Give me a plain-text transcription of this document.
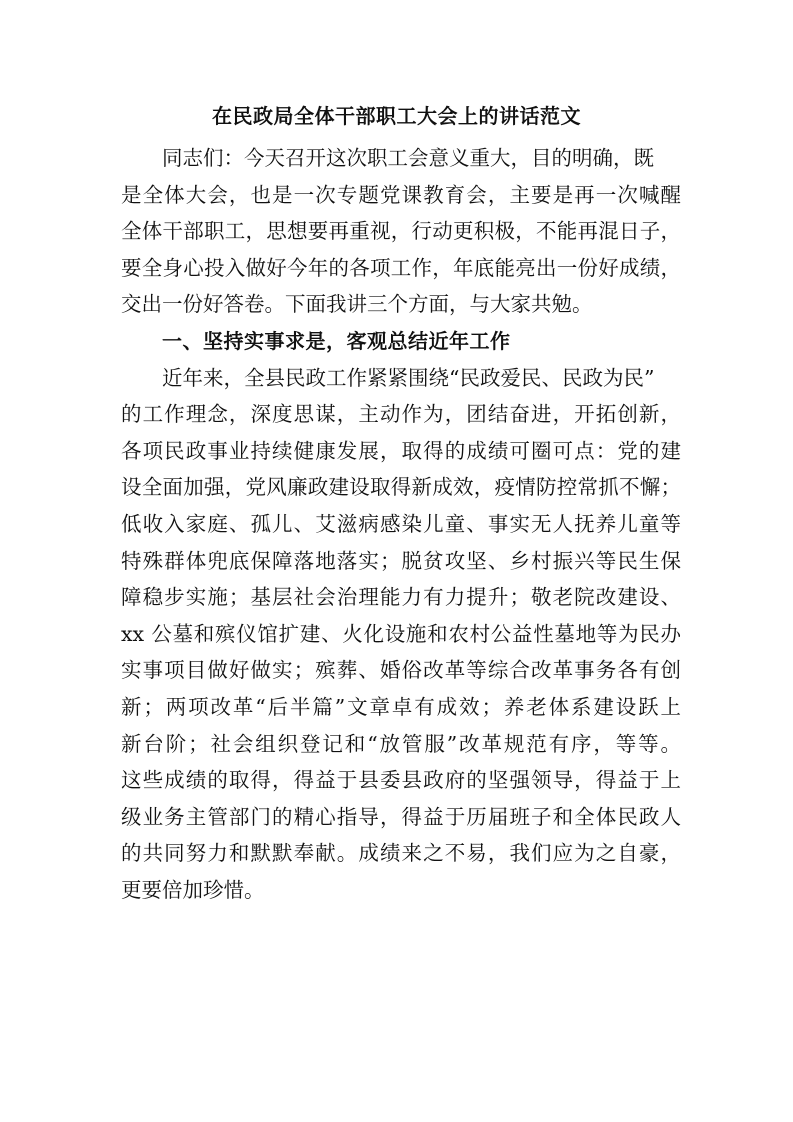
在民政局全体干部职工大会上的讲话范文
同志们：今天召开这次职工会意义重大，目的明确，既
是全体大会，也是一次专题党课教育会，主要是再一次喊醒
全体干部职工，思想要再重视，行动更积极，不能再混日子，
要全身心投入做好今年的各项工作，年底能亮出一份好成绩，
交出一份好答卷。下面我讲三个方面，与大家共勉。
一、坚持实事求是，客观总结近年工作
近年来，全县民政工作紧紧围绕“民政爱民、民政为民”
的工作理念，深度思谋，主动作为，团结奋进，开拓创新，
各项民政事业持续健康发展，取得的成绩可圈可点：党的建
设全面加强，党风廉政建设取得新成效，疫情防控常抓不懈；
低收入家庭、孤儿、艾滋病感染儿童、事实无人抚养儿童等
特殊群体兜底保障落地落实；脱贫攻坚、乡村振兴等民生保
障稳步实施；基层社会治理能力有力提升；敬老院改建设、
xx 公墓和殡仪馆扩建、火化设施和农村公益性墓地等为民办
实事项目做好做实；殡葬、婚俗改革等综合改革事务各有创
新；两项改革“后半篇”文章卓有成效；养老体系建设跃上
新台阶；社会组织登记和“放管服”改革规范有序，等等。
这些成绩的取得，得益于县委县政府的坚强领导，得益于上
级业务主管部门的精心指导，得益于历届班子和全体民政人
的共同努力和默默奉献。成绩来之不易，我们应为之自豪，
更要倍加珍惜。
